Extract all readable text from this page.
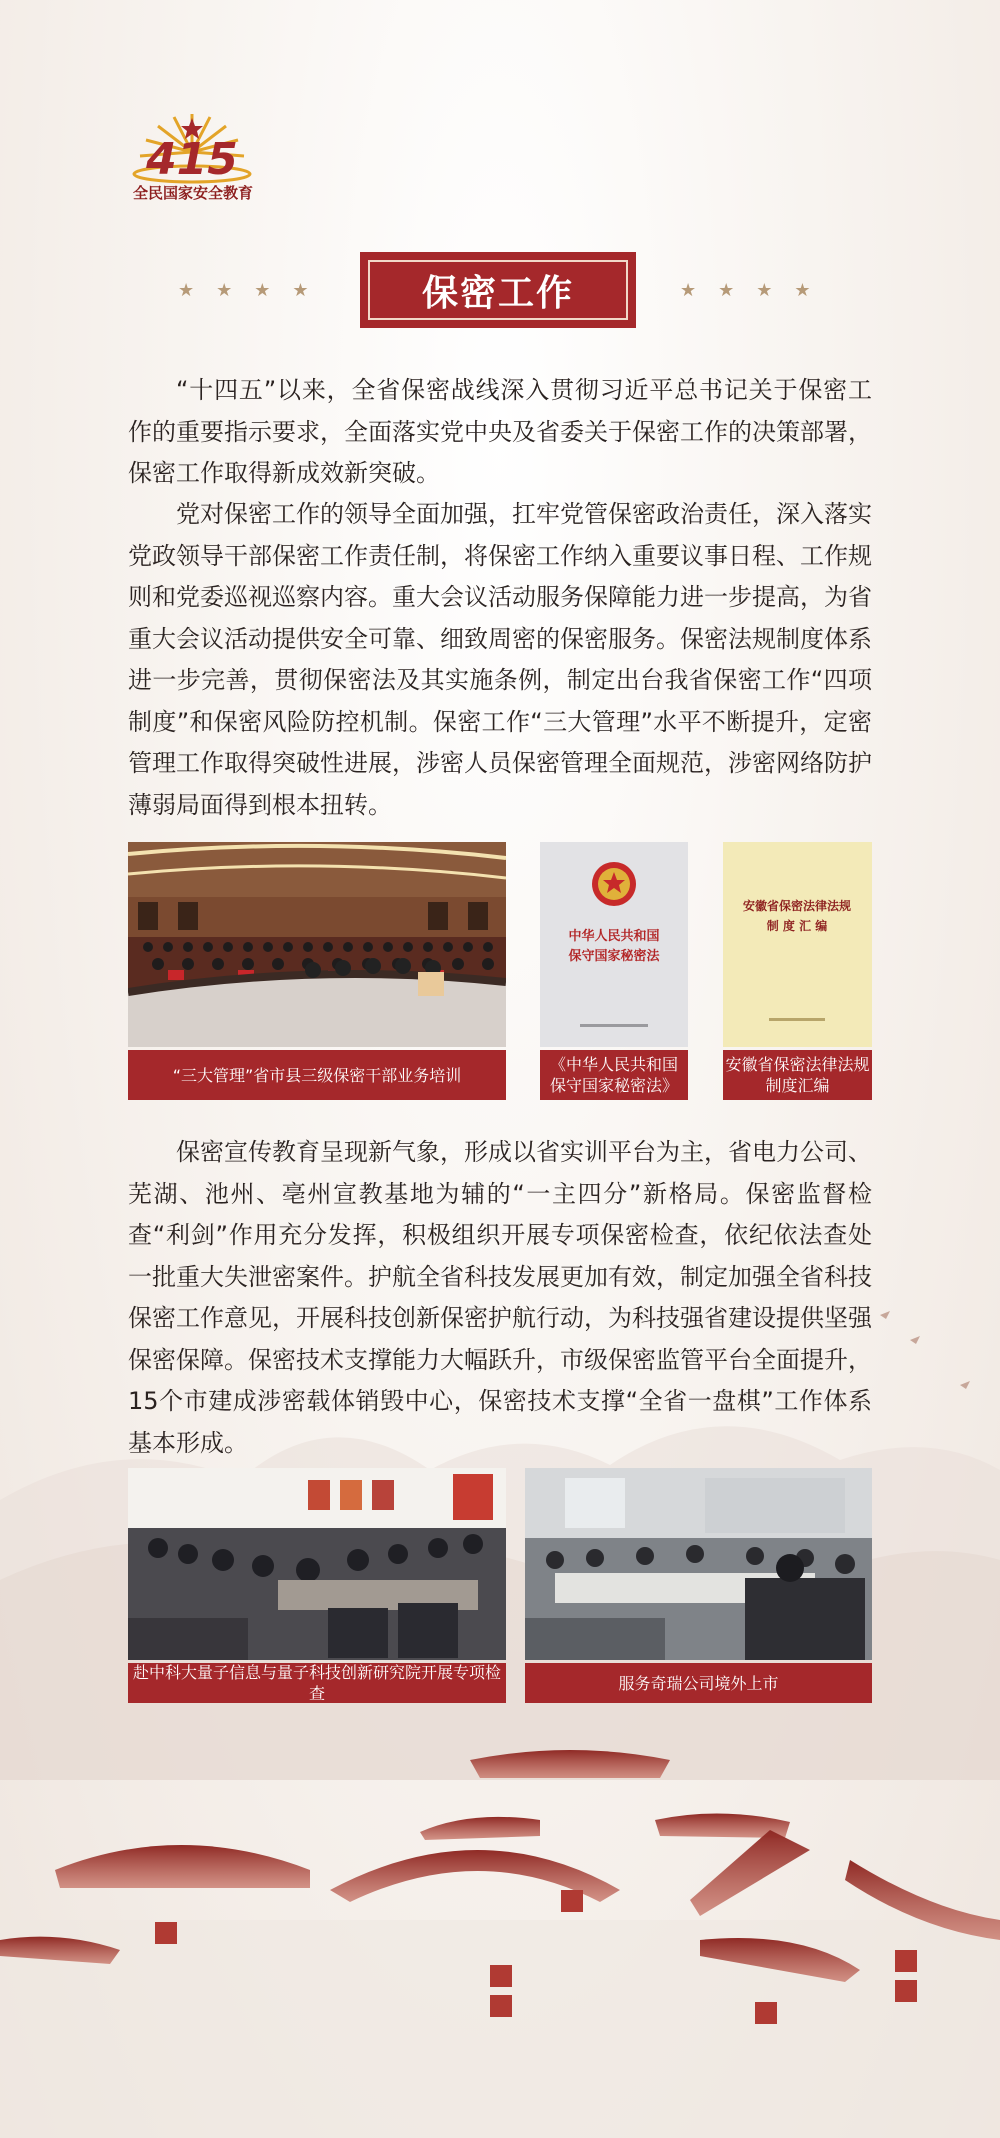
415
全民国家安全教育
★★★★	保密工作	★★★★
“十四五”以来，全省保密战线深入贯彻习近平总书记关于保密工作的重要指示要求，全面落实党中央及省委关于保密工作的决策部署，保密工作取得新成效新突破。
党对保密工作的领导全面加强，扛牢党管保密政治责任，深入落实党政领导干部保密工作责任制，将保密工作纳入重要议事日程、工作规则和党委巡视巡察内容。重大会议活动服务保障能力进一步提高，为省重大会议活动提供安全可靠、细致周密的保密服务。保密法规制度体系进一步完善，贯彻保密法及其实施条例，制定出台我省保密工作“四项制度”和保密风险防控机制。保密工作“三大管理”水平不断提升，定密管理工作取得突破性进展，涉密人员保密管理全面规范，涉密网络防护薄弱局面得到根本扭转。
“三大管理”省市县三级保密干部业务培训
中华人民共和国
保守国家秘密法
《中华人民共和国
保守国家秘密法》
安徽省保密法律法规
制 度 汇 编
安徽省保密法律法规
制度汇编
保密宣传教育呈现新气象，形成以省实训平台为主，省电力公司、芜湖、池州、亳州宣教基地为辅的“一主四分”新格局。保密监督检查“利剑”作用充分发挥，积极组织开展专项保密检查，依纪依法查处一批重大失泄密案件。护航全省科技发展更加有效，制定加强全省科技保密工作意见，开展科技创新保密护航行动，为科技强省建设提供坚强保密保障。保密技术支撑能力大幅跃升，市级保密监管平台全面提升，15个市建成涉密载体销毁中心，保密技术支撑“全省一盘棋”工作体系基本形成。
赴中科大量子信息与量子科技创新研究院开展专项检查
服务奇瑞公司境外上市
